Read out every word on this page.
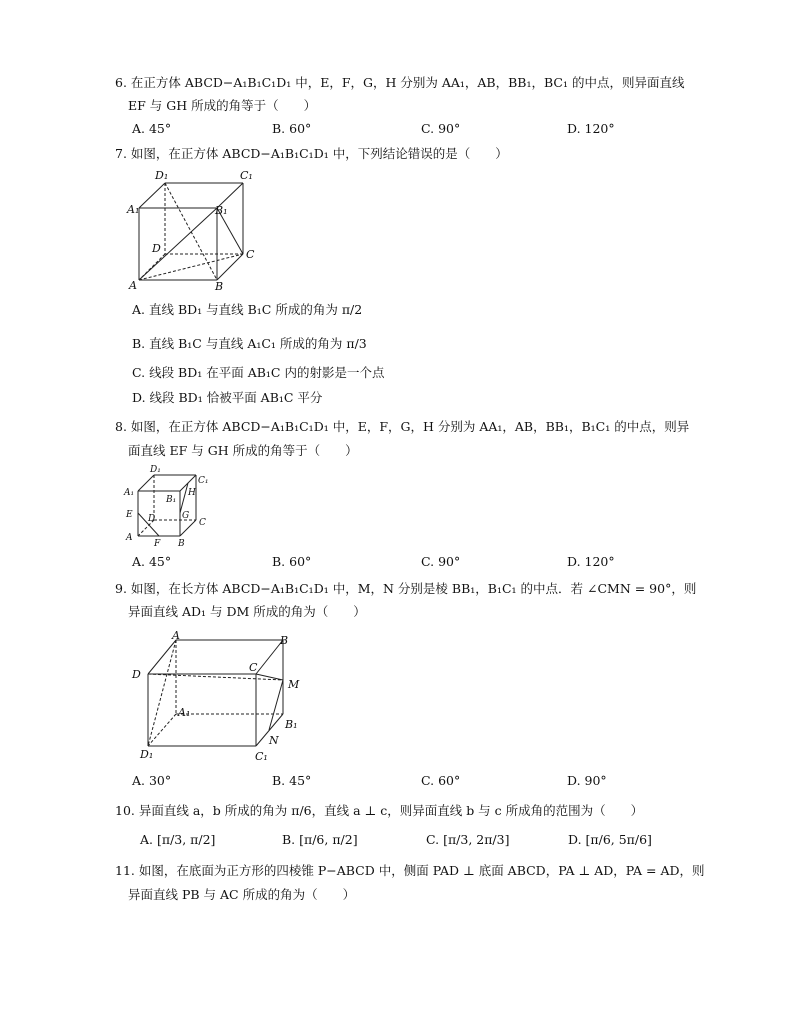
6. 在正方体 ABCD−A₁B₁C₁D₁ 中，E，F，G，H 分别为 AA₁，AB，BB₁，BC₁ 的中点，则异面直线
EF 与 GH 所成的角等于（　　）
A. 45°	B. 60°	C. 90°	D. 120°
7. 如图，在正方体 ABCD−A₁B₁C₁D₁ 中，下列结论错误的是（　　）
D₁	C₁
A₁	B₁
D	C
A	B
A. 直线 BD₁ 与直线 B₁C 所成的角为 π/2
B. 直线 B₁C 与直线 A₁C₁ 所成的角为 π/3
C. 线段 BD₁ 在平面 AB₁C 内的射影是一个点
D. 线段 BD₁ 恰被平面 AB₁C 平分
8. 如图，在正方体 ABCD−A₁B₁C₁D₁ 中，E，F，G，H 分别为 AA₁，AB，BB₁，B₁C₁ 的中点，则异
面直线 EF 与 GH 所成的角等于（　　）
D₁
C₁
A₁
B₁
H
E D	G
C
A
F B
A. 45°	B. 60°	C. 90°	D. 120°
9. 如图，在长方体 ABCD−A₁B₁C₁D₁ 中，M，N 分别是棱 BB₁，B₁C₁ 的中点．若 ∠CMN = 90°，则
异面直线 AD₁ 与 DM 所成的角为（　　）
A	B
D
C
M
A₁
B₁
D₁
N
C₁
A. 30°	B. 45°	C. 60°	D. 90°
10. 异面直线 a，b 所成的角为 π/6，直线 a ⊥ c，则异面直线 b 与 c 所成角的范围为（　　）
A. [π/3, π/2]	B. [π/6, π/2]	C. [π/3, 2π/3]	D. [π/6, 5π/6]
11. 如图，在底面为正方形的四棱锥 P−ABCD 中，侧面 PAD ⊥ 底面 ABCD，PA ⊥ AD，PA = AD，则
异面直线 PB 与 AC 所成的角为（　　）
